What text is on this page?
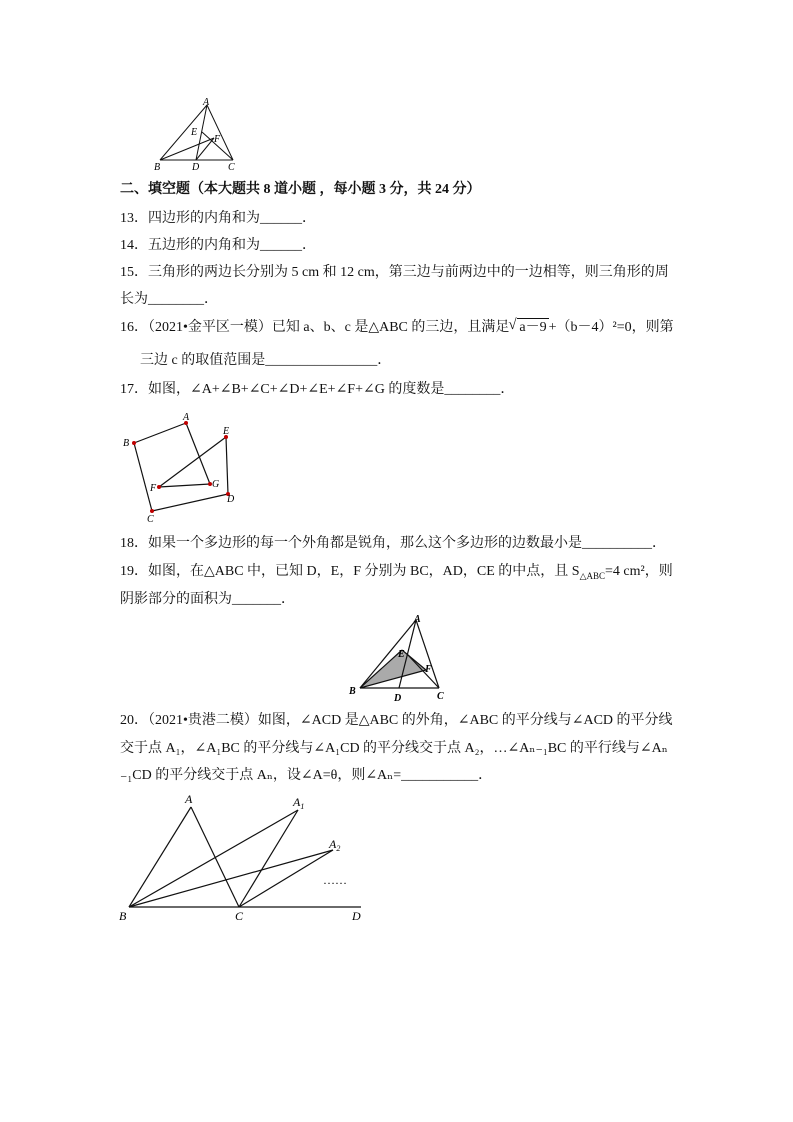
A
E
F
B	D	C
二、填空题（本大题共 8 道小题 ，每小题 3 分，共 24 分）
13．四边形的内角和为______．
14．五边形的内角和为______．
15．三角形的两边长分别为 5 cm 和 12 cm，第三边与前两边中的一边相等，则三角形的周
长为________．
16．（2021•金平区一模）已知 a、b、c 是△ABC 的三边，且满足√ a－9 +（b－4）²=0，则第
三边 c 的取值范围是________________．
17．如图，∠A+∠B+∠C+∠D+∠E+∠F+∠G 的度数是________．
A
B
E
F	G
D
C
18．如果一个多边形的每一个外角都是锐角，那么这个多边形的边数最小是__________．
19．如图，在△ABC 中，已知 D，E，F 分别为 BC，AD，CE 的中点，且 $S_{\triangle ABC}=4$ cm²，则
阴影部分的面积为_______．
A
E
F
B
D	C
20．（2021•贵港二模）如图，∠ACD 是△ABC 的外角，∠ABC 的平分线与∠ACD 的平分线
交于点 A₁，∠A₁BC 的平分线与∠A₁CD 的平分线交于点 A₂，…∠Aₙ₋₁BC 的平行线与∠Aₙ
₋₁CD 的平分线交于点 Aₙ，设∠A=θ，则∠Aₙ=___________．
A	$A_1$
$A_2$
……
B	C	D
